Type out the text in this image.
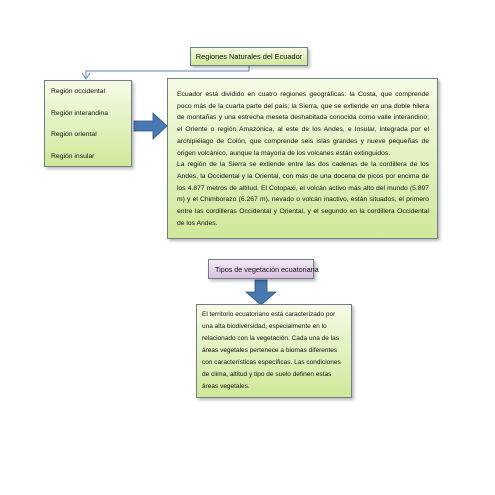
Regiones Naturales del Ecuador
Región occidental
Región interandina
Región oriental
Región insular

Ecuador está dividido en cuatro regiones geográficas: la Costa, que comprende poco más de la cuarta parte del país; la Sierra, que se extiende en una doble hilera de montañas y una estrecha meseta deshabitada conocida como valle interandino; el Oriente o región Amazónica, al este de los Andes, e Insular, integrada por el archipiélago de Colón, que comprende seis islas grandes y nueve pequeñas de origen volcánico, aunque la mayoría de los volcanes están extinguidos.

La región de la Sierra se extiende entre las dos cadenas de la cordillera de los Andes, la Occidental y la Oriental, con más de una docena de picos por encima de los 4.877 metros de altitud. El Cotopaxi, el volcán activo más alto del mundo (5.897 m) y el Chimborazo (6.267 m), nevado o volcán inactivo, están situados, el primero entre las cordilleras Occidental y Oriental, y el segundo en la cordillera Occidental de los Andes.

Tipos de vegetación ecuatoriana
El territorio ecuatoriano está caracterizado por una alta biodiversidad, especialmente en lo relacionado con la vegetación. Cada una de las áreas vegetales pertenece a biomas diferentes con características específicas. Las condiciones de clima, altitud y tipo de suelo definen estas áreas vegetales.
